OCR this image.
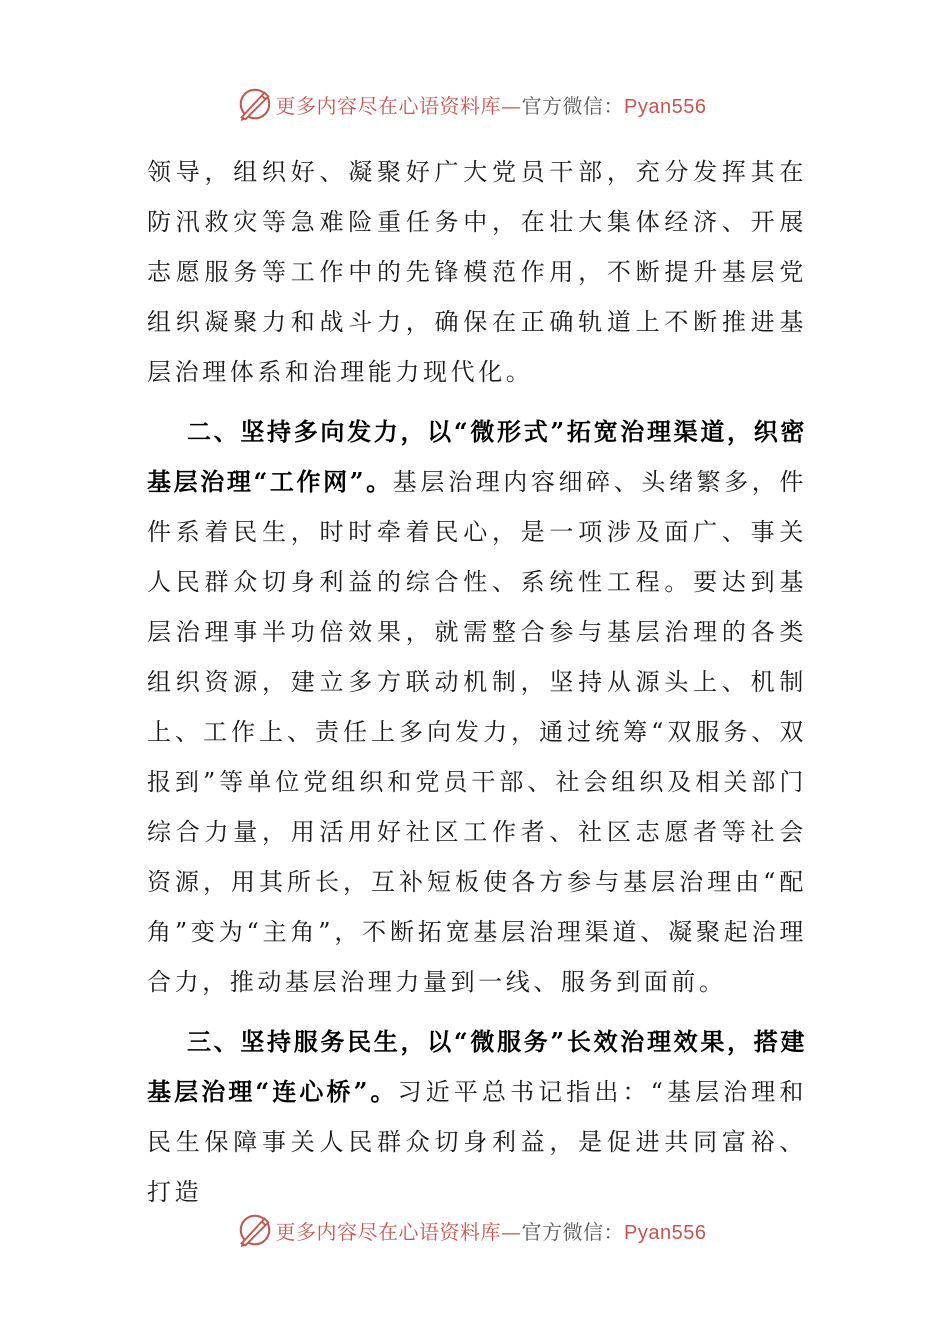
更多内容尽在心语资料库—官方微信：Pyan556

领导，组织好、凝聚好广大党员干部，充分发挥其在防汛救灾等急难险重任务中，在壮大集体经济、开展志愿服务等工作中的先锋模范作用，不断提升基层党组织凝聚力和战斗力，确保在正确轨道上不断推进基层治理体系和治理能力现代化。

二、坚持多向发力，以“微形式”拓宽治理渠道，织密基层治理“工作网”。基层治理内容细碎、头绪繁多，件件系着民生，时时牵着民心，是一项涉及面广、事关人民群众切身利益的综合性、系统性工程。要达到基层治理事半功倍效果，就需整合参与基层治理的各类组织资源，建立多方联动机制，坚持从源头上、机制上、工作上、责任上多向发力，通过统筹“双服务、双报到”等单位党组织和党员干部、社会组织及相关部门综合力量，用活用好社区工作者、社区志愿者等社会资源，用其所长，互补短板使各方参与基层治理由“配角”变为“主角”，不断拓宽基层治理渠道、凝聚起治理合力，推动基层治理力量到一线、服务到面前。

三、坚持服务民生，以“微服务”长效治理效果，搭建基层治理“连心桥”。习近平总书记指出：“基层治理和民生保障事关人民群众切身利益，是促进共同富裕、打造

更多内容尽在心语资料库—官方微信：Pyan556
